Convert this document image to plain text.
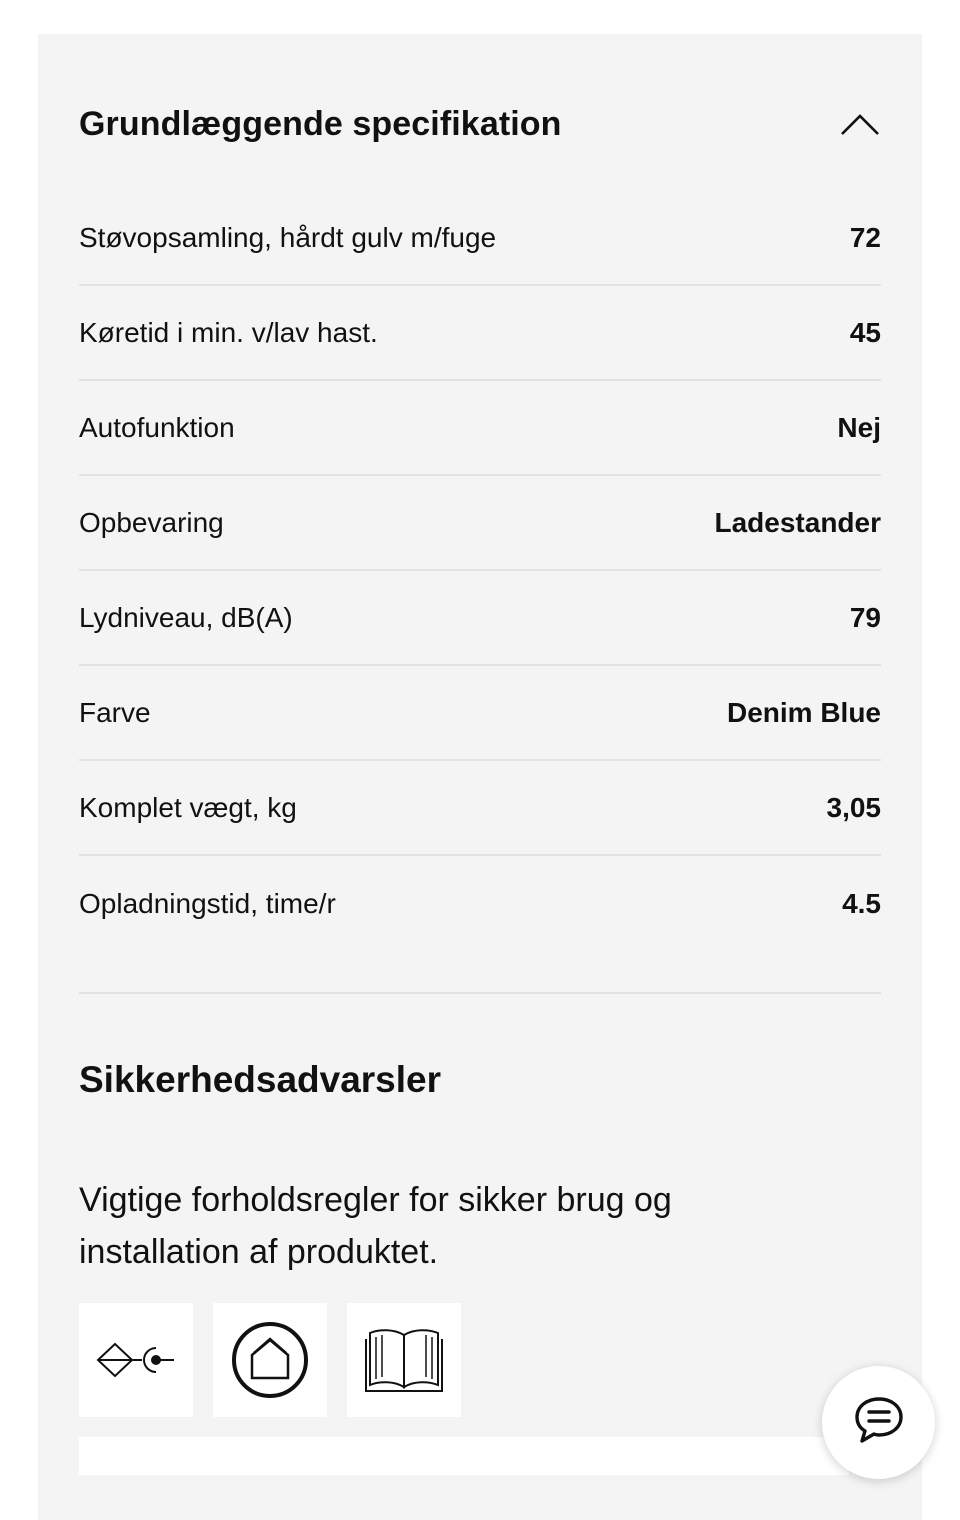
Grundlæggende specifikation
Støvopsamling, hårdt gulv m/fuge	72
Køretid i min. v/lav hast.	45
Autofunktion	Nej
Opbevaring	Ladestander
Lydniveau, dB(A)	79
Farve	Denim Blue
Komplet vægt, kg	3,05
Opladningstid, time/r	4.5
Sikkerhedsadvarsler
Vigtige forholdsregler for sikker brug og installation af produktet.
